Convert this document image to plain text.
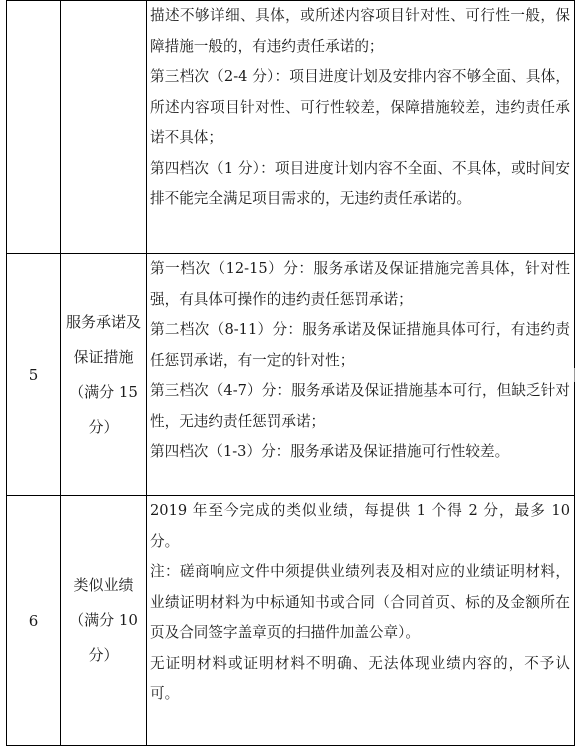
		描述不够详细、具体，或所述内容项目针对性、可行性一般，保障措施一般的，有违约责任承诺的；

第三档次（2-4 分）：项目进度计划及安排内容不够全面、具体，所述内容项目针对性、可行性较差，保障措施较差，违约责任承诺不具体；

第四档次（1 分）：项目进度计划内容不全面、不具体，或时间安排不能完全满足项目需求的，无违约责任承诺的。

5	服务承诺及保证措施（满分 15 分）	第一档次（12-15）分：服务承诺及保证措施完善具体，针对性强，有具体可操作的违约责任惩罚承诺；

第二档次（8-11）分：服务承诺及保证措施具体可行，有违约责任惩罚承诺，有一定的针对性；

第三档次（4-7）分：服务承诺及保证措施基本可行，但缺乏针对性，无违约责任惩罚承诺；

第四档次（1-3）分：服务承诺及保证措施可行性较差。

6	类似业绩（满分 10 分）	2019 年至今完成的类似业绩，每提供 1 个得 2 分，最多 10 分。

注：磋商响应文件中须提供业绩列表及相对应的业绩证明材料，业绩证明材料为中标通知书或合同（合同首页、标的及金额所在页及合同签字盖章页的扫描件加盖公章）。

无证明材料或证明材料不明确、无法体现业绩内容的，不予认可。
